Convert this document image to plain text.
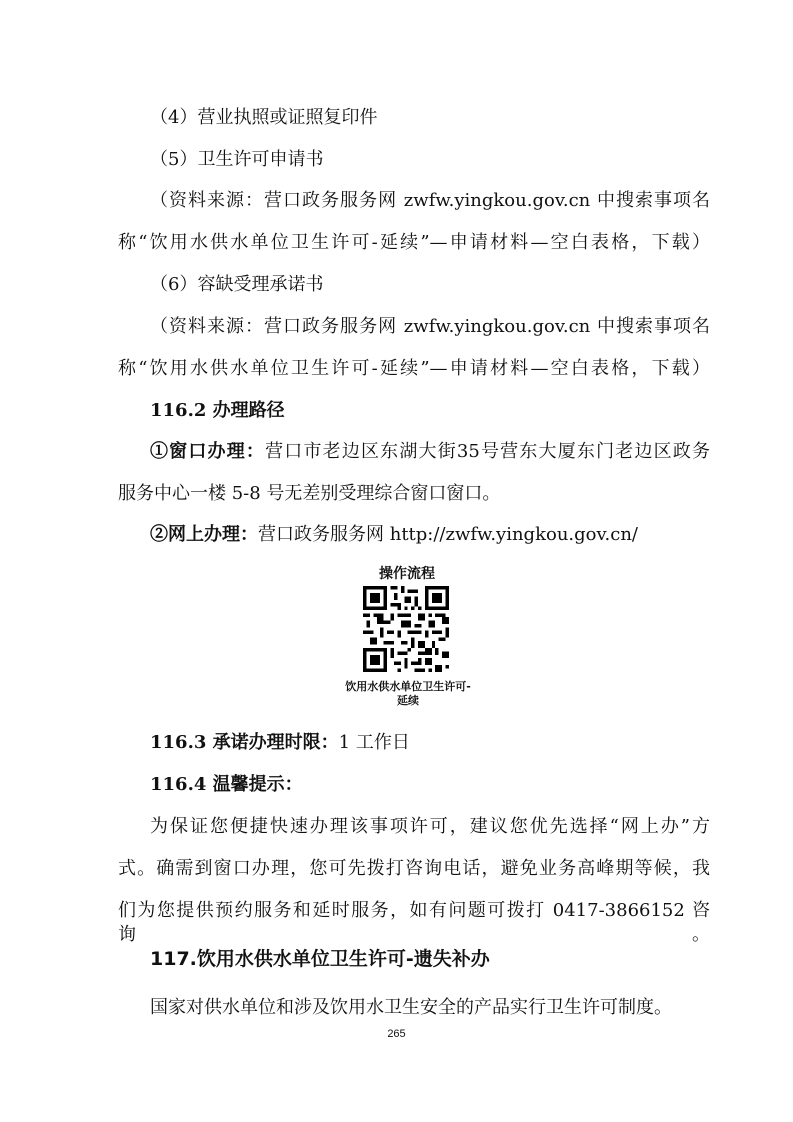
（4）营业执照或证照复印件
（5）卫生许可申请书
（资料来源：营口政务服务网 zwfw.yingkou.gov.cn 中搜索事项名
称“饮用水供水单位卫生许可-延续”—申请材料—空白表格，下载）
（6）容缺受理承诺书
（资料来源：营口政务服务网 zwfw.yingkou.gov.cn 中搜索事项名
称“饮用水供水单位卫生许可-延续”—申请材料—空白表格，下载）
116.2 办理路径
①窗口办理：营口市老边区东湖大街35号营东大厦东门老边区政务
服务中心一楼 5-8 号无差别受理综合窗口窗口。
②网上办理：营口政务服务网 http://zwfw.yingkou.gov.cn/
操作流程
饮用水供水单位卫生许可-
延续
116.3 承诺办理时限：1 工作日
116.4 温馨提示：
为保证您便捷快速办理该事项许可，建议您优先选择“网上办”方
式。确需到窗口办理，您可先拨打咨询电话，避免业务高峰期等候，我
们为您提供预约服务和延时服务，如有问题可拨打 0417-3866152 咨询。
117.饮用水供水单位卫生许可-遗失补办
国家对供水单位和涉及饮用水卫生安全的产品实行卫生许可制度。
265
